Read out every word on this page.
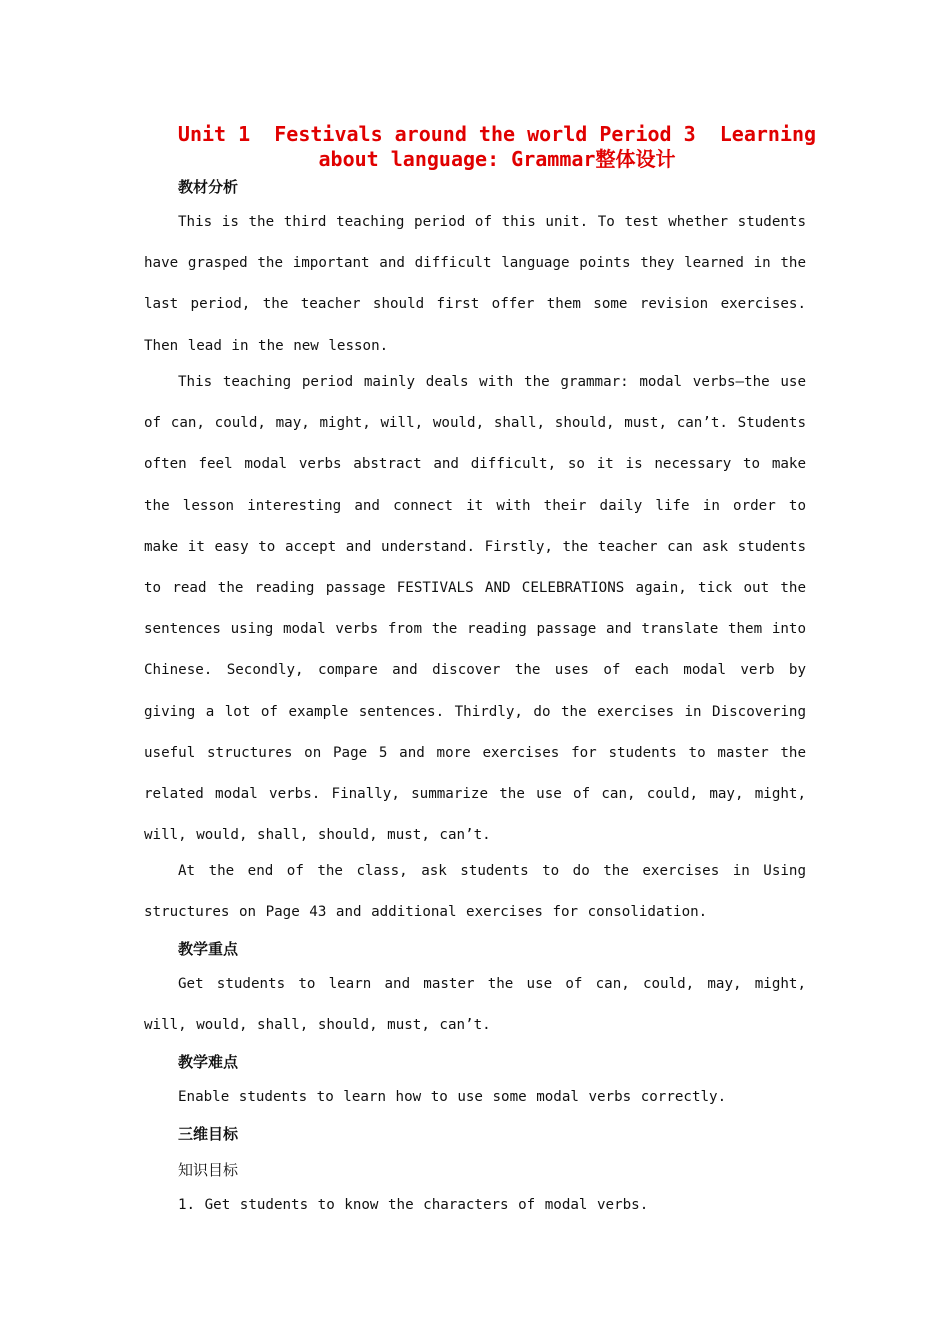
Unit 1  Festivals around the world Period 3  Learning
about language: Grammar整体设计
教材分析

This is the third teaching period of this unit. To test whether students have grasped the important and difficult language points they learned in the last period, the teacher should first offer them some revision exercises. Then lead in the new lesson.

This teaching period mainly deals with the grammar: modal verbs—the use of can, could, may, might, will, would, shall, should, must, can’t. Students often feel modal verbs abstract and difficult, so it is necessary to make the lesson interesting and connect it with their daily life in order to make it easy to accept and understand. Firstly, the teacher can ask students to read the reading passage FESTIVALS AND CELEBRATIONS again, tick out the sentences using modal verbs from the reading passage and translate them into Chinese. Secondly, compare and discover the uses of each modal verb by giving a lot of example sentences. Thirdly, do the exercises in Discovering useful structures on Page 5 and more exercises for students to master the related modal verbs. Finally, summarize the use of can, could, may, might, will, would, shall, should, must, can’t.

At the end of the class, ask students to do the exercises in Using structures on Page 43 and additional exercises for consolidation.

教学重点

Get students to learn and master the use of can, could, may, might, will, would, shall, should, must, can’t.

教学难点

Enable students to learn how to use some modal verbs correctly.

三维目标

知识目标

1. Get students to know the characters of modal verbs.
